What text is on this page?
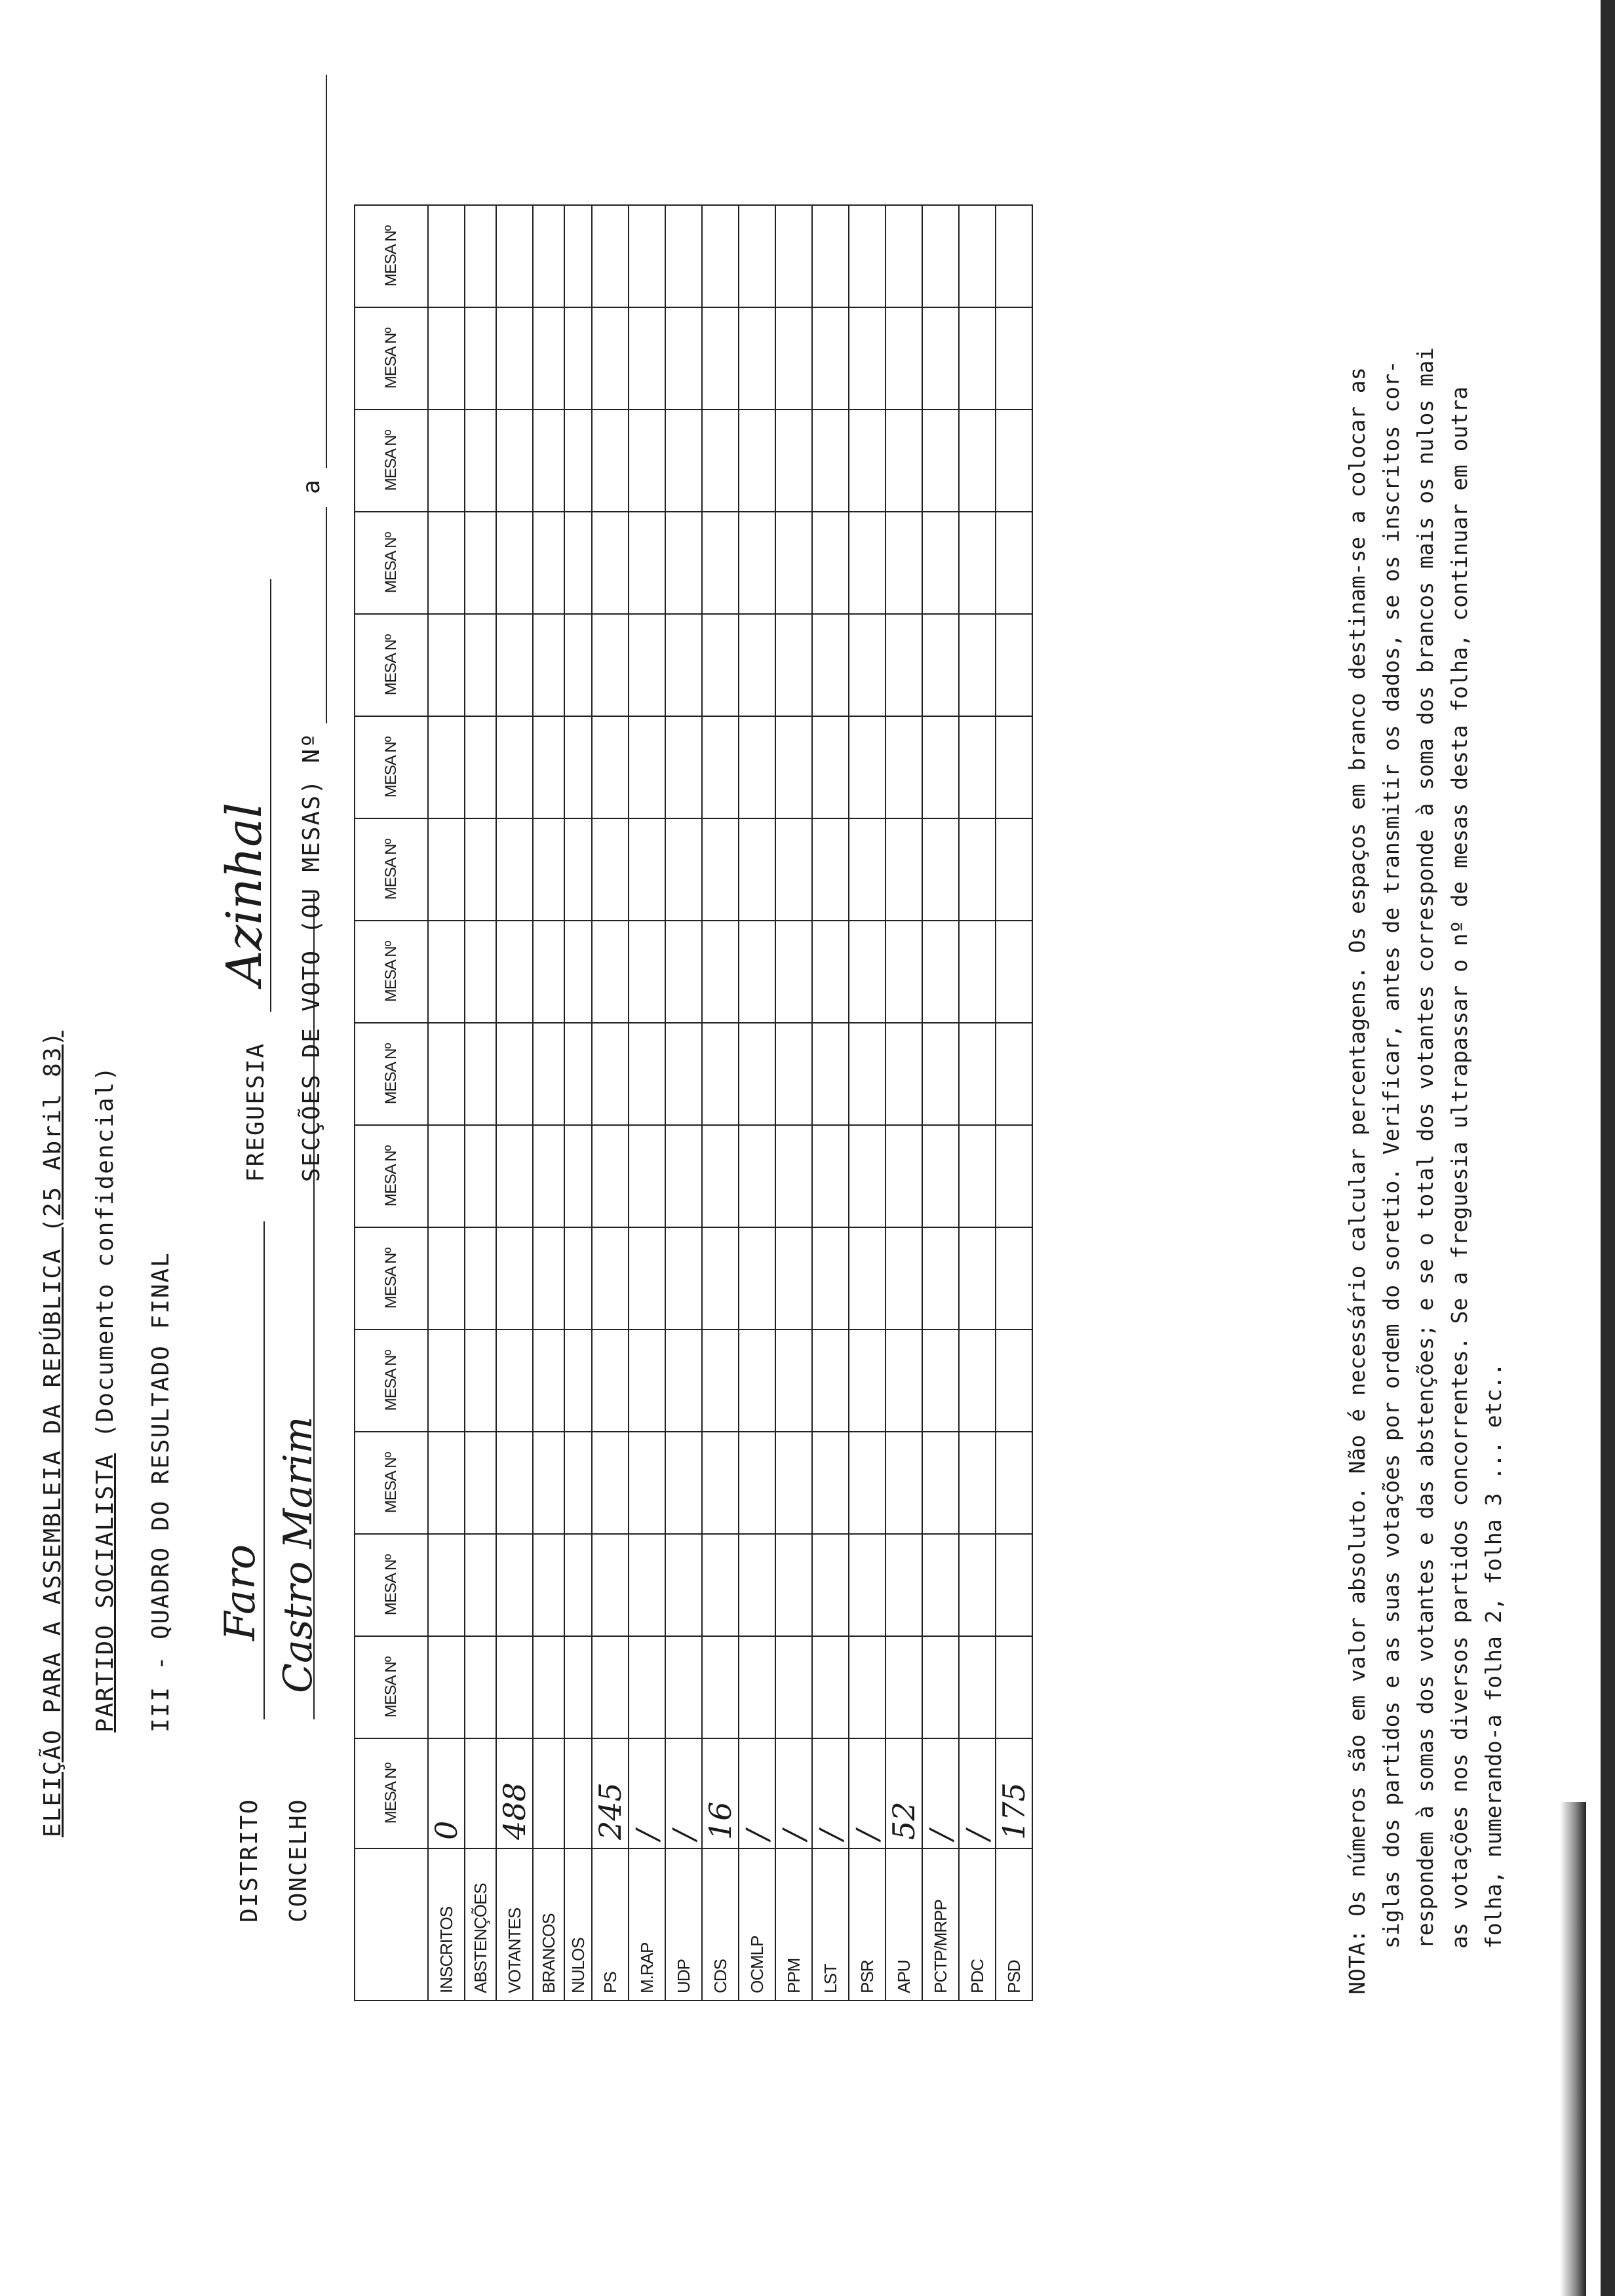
ELEIÇÃO PARA A ASSEMBLEIA DA REPÚBLICA (25 Abril 83) PARTIDO SOCIALISTA (Documento confidencial)
III - QUADRO DO RESULTADO FINAL
DISTRITO
Faro
CONCELHO
Castro Marim
FREGUESIA
Azinhal SECÇÕES DE VOTO (OU MESAS) Nº
a
	MESA Nº	MESA Nº	MESA Nº	MESA Nº	MESA Nº	MESA Nº	MESA Nº	MESA Nº	MESA Nº	MESA Nº	MESA Nº	MESA Nº	MESA Nº	MESA Nº	MESA Nº	MESA Nº
INSCRITOS	0															
ABSTENÇÕES																
VOTANTES	488															
BRANCOS																
NULOS																
PS	245															
M.RAP	/															
UDP	/															
CDS	16															
OCMLP	/															
PPM	/															
LST	/															
PSR	/															
APU	52															
PCTP/MRPP	/															
PDC	/															
PSD	175																NOTA: Os números são em valor absoluto. Não é necessário calcular percentagens. Os espaços em branco destinam-se a colocar as siglas dos partidos e as suas votações por ordem do soretio. Verificar, antes de transmitir os dados, se os inscritos cor- respondem à somas dos votantes e das abstenções; e se o total dos votantes corresponde à soma dos brancos mais os nulos mai as votações nos diversos partidos concorrentes. Se a freguesia ultrapassar o nº de mesas desta folha, continuar em outra folha, numerando-a folha 2, folha 3 ... etc..
